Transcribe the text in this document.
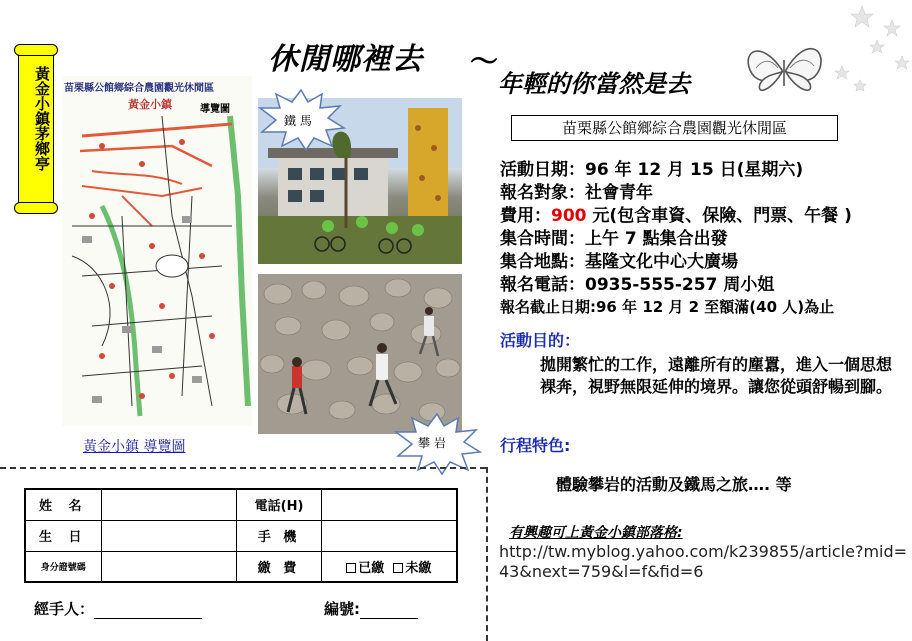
休閒哪裡去 ～
年輕的你當然是去
黃金小鎮茅鄉亭 苗栗縣公館鄉綜合農園觀光休閒區
黃金小鎮	導覽圖
黃金小鎮 導覽圖
鐵 馬
攀 岩
苗栗縣公館鄉綜合農園觀光休閒區
活動日期：96 年 12 月 15 日(星期六)
報名對象：社會青年
費用：900 元(包含車資、保險、門票、午餐 )
集合時間：上午 7 點集合出發
集合地點：基隆文化中心大廣場
報名電話：0935-555-257 周小姐
報名截止日期:96 年 12 月 2 至額滿(40 人)為止
活動目的：
拋開繁忙的工作，遠離所有的塵囂，進入一個思想裸奔，視野無限延伸的境界。讓您從頭舒暢到腳。
行程特色:
體驗攀岩的活動及鐵馬之旅…. 等
有興趣可上黃金小鎮部落格:
http://tw.myblog.yahoo.com/k239855/article?mid=43&next=759&l=f&fid=6
姓 名		電話(H)	
生 日		手 機	
身分證號碼		繳 費	已繳 未繳
經手人：	編號:
